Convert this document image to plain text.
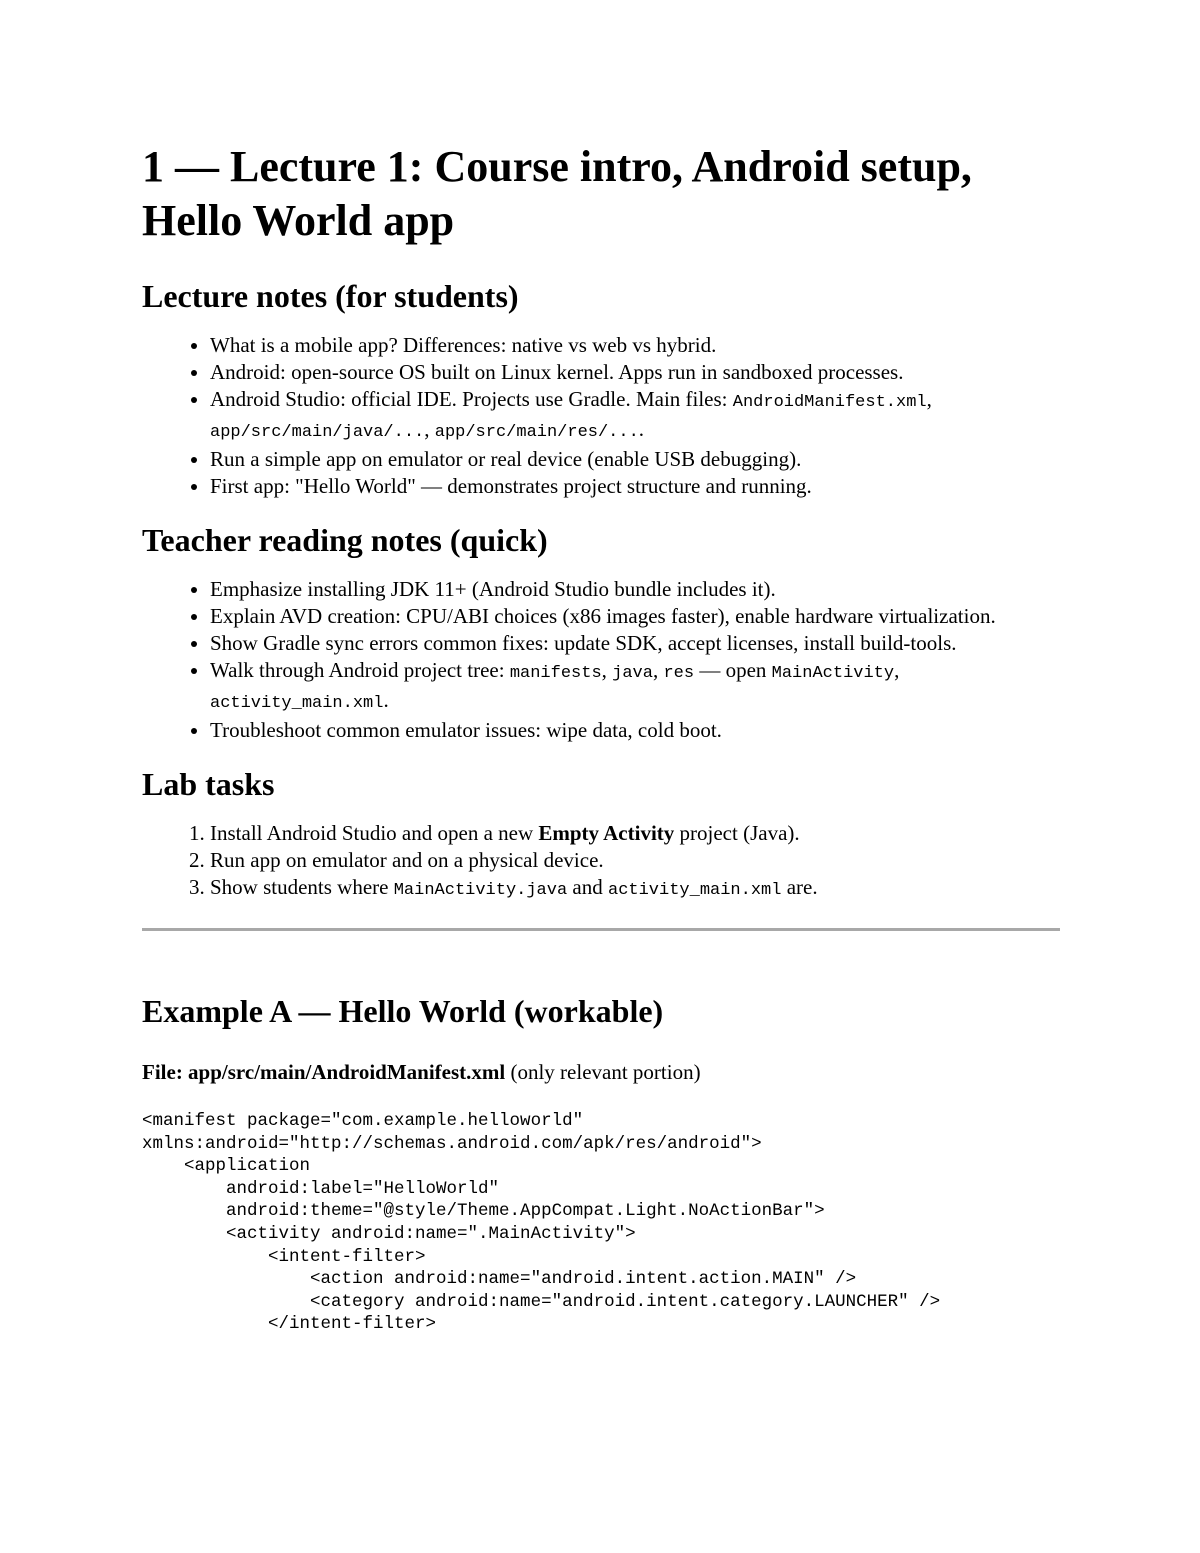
1 — Lecture 1: Course intro, Android setup, Hello World app
Lecture notes (for students)
• What is a mobile app? Differences: native vs web vs hybrid.
• Android: open-source OS built on Linux kernel. Apps run in sandboxed processes.
• Android Studio: official IDE. Projects use Gradle. Main files: AndroidManifest.xml, app/src/main/java/..., app/src/main/res/....
• Run a simple app on emulator or real device (enable USB debugging).
• First app: "Hello World" — demonstrates project structure and running.
Teacher reading notes (quick)
• Emphasize installing JDK 11+ (Android Studio bundle includes it).
• Explain AVD creation: CPU/ABI choices (x86 images faster), enable hardware virtualization.
• Show Gradle sync errors common fixes: update SDK, accept licenses, install build-tools.
• Walk through Android project tree: manifests, java, res — open MainActivity, activity_main.xml.
• Troubleshoot common emulator issues: wipe data, cold boot.
Lab tasks
1. Install Android Studio and open a new Empty Activity project (Java).
2. Run app on emulator and on a physical device.
3. Show students where MainActivity.java and activity_main.xml are.
Example A — Hello World (workable)

File: app/src/main/AndroidManifest.xml (only relevant portion)

<manifest package="com.example.helloworld"
xmlns:android="http://schemas.android.com/apk/res/android">
<application
android:label="HelloWorld"
android:theme="@style/Theme.AppCompat.Light.NoActionBar">
<activity android:name=".MainActivity">
<intent-filter>
<action android:name="android.intent.action.MAIN" />
<category android:name="android.intent.category.LAUNCHER" />
</intent-filter>
